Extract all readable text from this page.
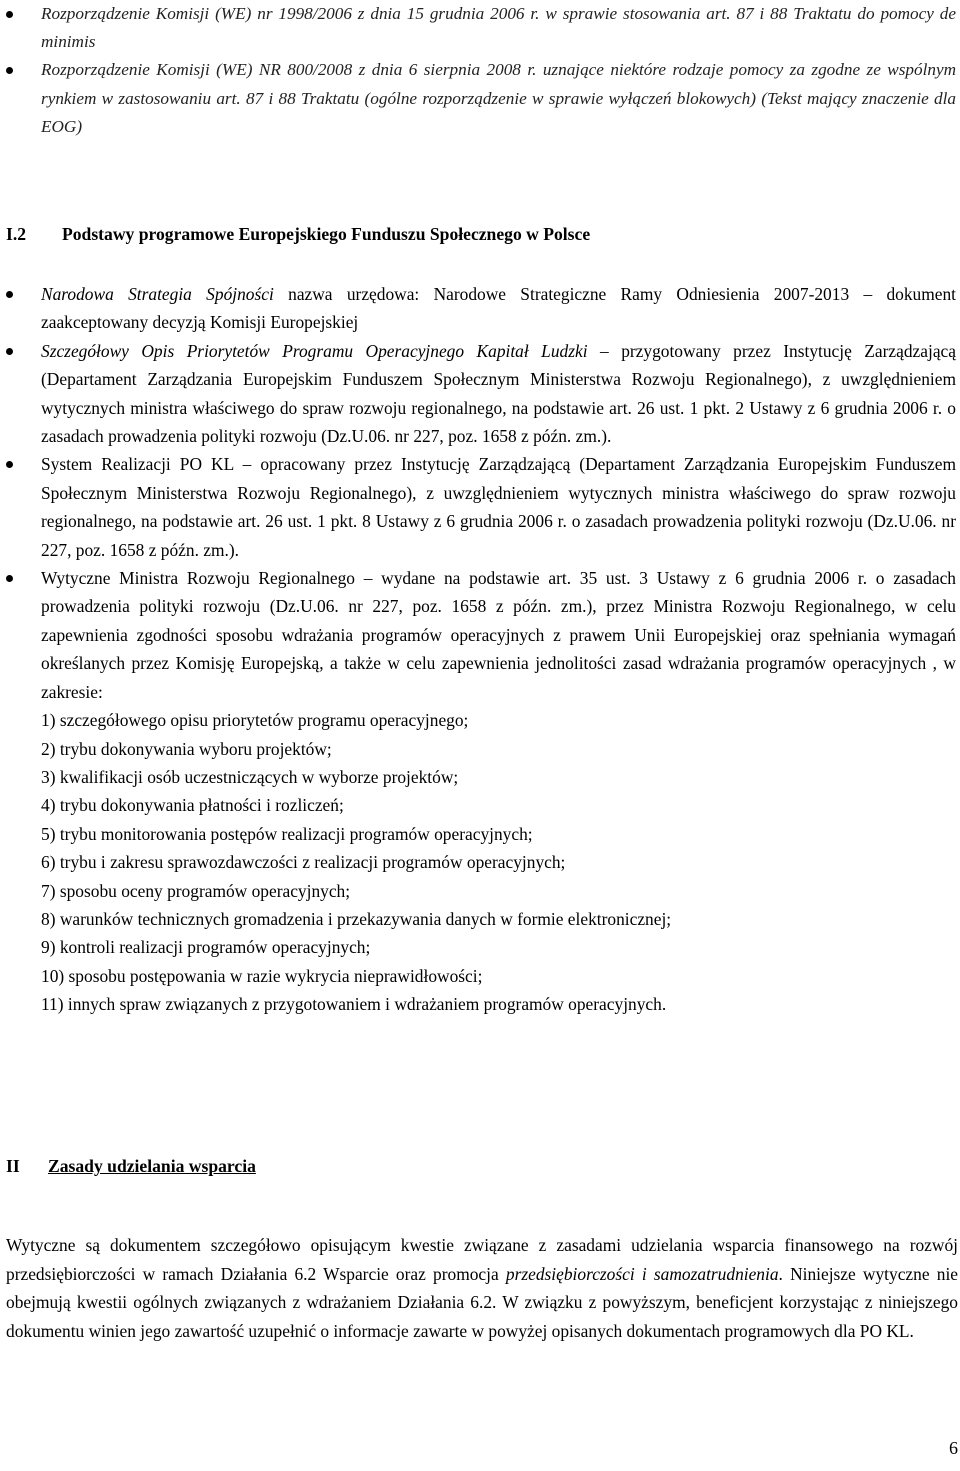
Rozporządzenie Komisji (WE) nr 1998/2006 z dnia 15 grudnia 2006 r. w sprawie stosowania art. 87 i 88 Traktatu do pomocy de minimis
Rozporządzenie Komisji (WE) NR 800/2008 z dnia 6 sierpnia 2008 r. uznające niektóre rodzaje pomocy za zgodne ze wspólnym rynkiem w zastosowaniu art. 87 i 88 Traktatu (ogólne rozporządzenie w sprawie wyłączeń blokowych) (Tekst mający znaczenie dla EOG)
I.2 Podstawy programowe Europejskiego Funduszu Społecznego w Polsce
Narodowa Strategia Spójności nazwa urzędowa: Narodowe Strategiczne Ramy Odniesienia 2007-2013 – dokument zaakceptowany decyzją Komisji Europejskiej
Szczegółowy Opis Priorytetów Programu Operacyjnego Kapitał Ludzki – przygotowany przez Instytucję Zarządzającą (Departament Zarządzania Europejskim Funduszem Społecznym Ministerstwa Rozwoju Regionalnego), z uwzględnieniem wytycznych ministra właściwego do spraw rozwoju regionalnego, na podstawie art. 26 ust. 1 pkt. 2 Ustawy z 6 grudnia 2006 r. o zasadach prowadzenia polityki rozwoju (Dz.U.06. nr 227, poz. 1658 z późn. zm.).
System Realizacji PO KL – opracowany przez Instytucję Zarządzającą (Departament Zarządzania Europejskim Funduszem Społecznym Ministerstwa Rozwoju Regionalnego), z uwzględnieniem wytycznych ministra właściwego do spraw rozwoju regionalnego, na podstawie art. 26 ust. 1 pkt. 8 Ustawy z 6 grudnia 2006 r. o zasadach prowadzenia polityki rozwoju (Dz.U.06. nr 227, poz. 1658 z późn. zm.).
Wytyczne Ministra Rozwoju Regionalnego – wydane na podstawie art. 35 ust. 3 Ustawy z 6 grudnia 2006 r. o zasadach prowadzenia polityki rozwoju (Dz.U.06. nr 227, poz. 1658 z późn. zm.), przez Ministra Rozwoju Regionalnego, w celu zapewnienia zgodności sposobu wdrażania programów operacyjnych z prawem Unii Europejskiej oraz spełniania wymagań określanych przez Komisję Europejską, a także w celu zapewnienia jednolitości zasad wdrażania programów operacyjnych , w zakresie:
1) szczegółowego opisu priorytetów programu operacyjnego;
2) trybu dokonywania wyboru projektów;
3) kwalifikacji osób uczestniczących w wyborze projektów;
4) trybu dokonywania płatności i rozliczeń;
5) trybu monitorowania postępów realizacji programów operacyjnych;
6) trybu i zakresu sprawozdawczości z realizacji programów operacyjnych;
7) sposobu oceny programów operacyjnych;
8) warunków technicznych gromadzenia i przekazywania danych w formie elektronicznej;
9) kontroli realizacji programów operacyjnych;
10) sposobu postępowania w razie wykrycia nieprawidłowości;
11) innych spraw związanych z przygotowaniem i wdrażaniem programów operacyjnych.
II Zasady udzielania wsparcia

Wytyczne są dokumentem szczegółowo opisującym kwestie związane z zasadami udzielania wsparcia finansowego na rozwój przedsiębiorczości w ramach Działania 6.2 Wsparcie oraz promocja przedsiębiorczości i samozatrudnienia. Niniejsze wytyczne nie obejmują kwestii ogólnych związanych z wdrażaniem Działania 6.2. W związku z powyższym, beneficjent korzystając z niniejszego dokumentu winien jego zawartość uzupełnić o informacje zawarte w powyżej opisanych dokumentach programowych dla PO KL.

6
